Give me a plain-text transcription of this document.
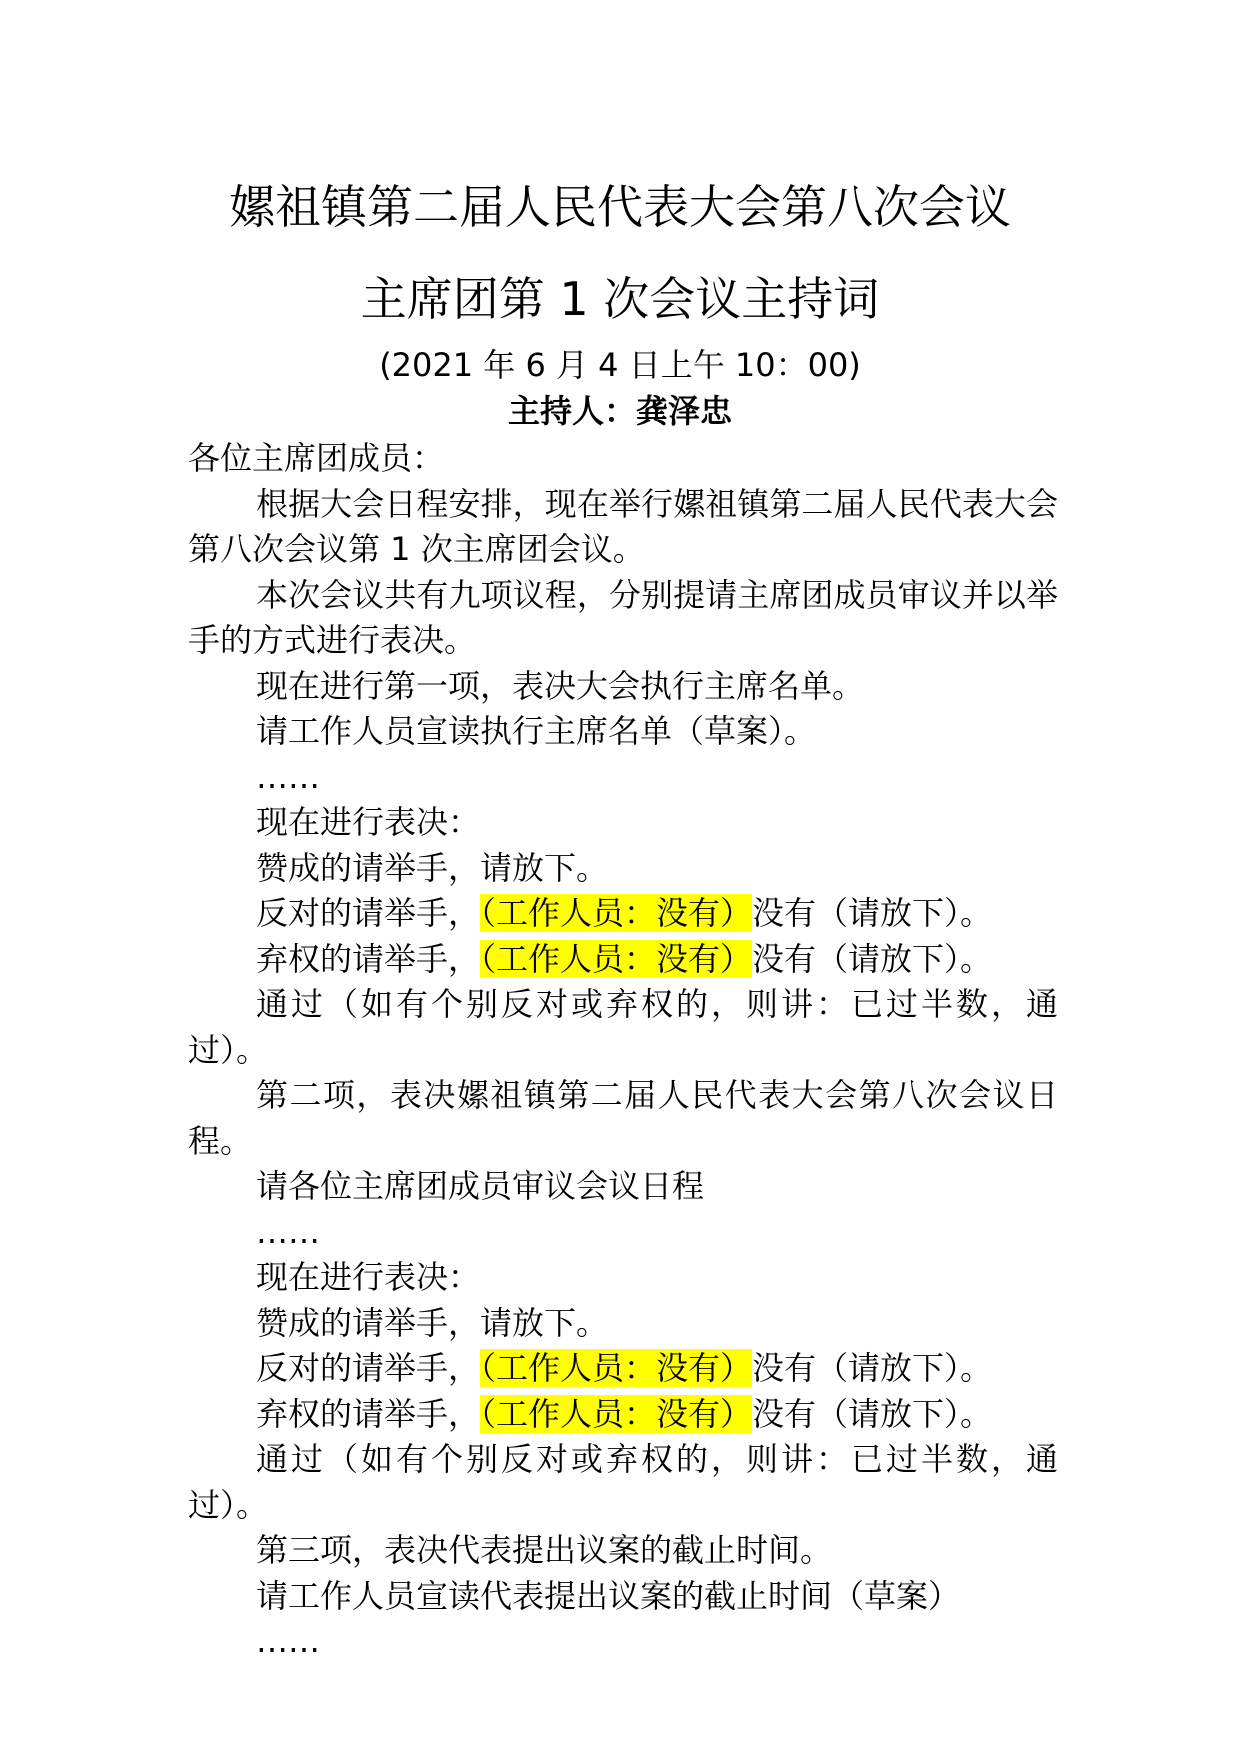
嫘祖镇第二届人民代表大会第八次会议
主席团第 1 次会议主持词
(2021 年 6 月 4 日上午 10：00)
主持人：龚泽忠

各位主席团成员：

根据大会日程安排，现在举行嫘祖镇第二届人民代表大会第八次会议第 1 次主席团会议。

本次会议共有九项议程，分别提请主席团成员审议并以举手的方式进行表决。

现在进行第一项，表决大会执行主席名单。

请工作人员宣读执行主席名单（草案）。

……

现在进行表决：

赞成的请举手，请放下。

反对的请举手，（工作人员：没有）没有（请放下）。

弃权的请举手，（工作人员：没有）没有（请放下）。

通过（如有个别反对或弃权的，则讲：已过半数，通过）。

第二项，表决嫘祖镇第二届人民代表大会第八次会议日程。

请各位主席团成员审议会议日程

……

现在进行表决：

赞成的请举手，请放下。

反对的请举手，（工作人员：没有）没有（请放下）。

弃权的请举手，（工作人员：没有）没有（请放下）。

通过（如有个别反对或弃权的，则讲：已过半数，通过）。

第三项，表决代表提出议案的截止时间。

请工作人员宣读代表提出议案的截止时间（草案）

……
